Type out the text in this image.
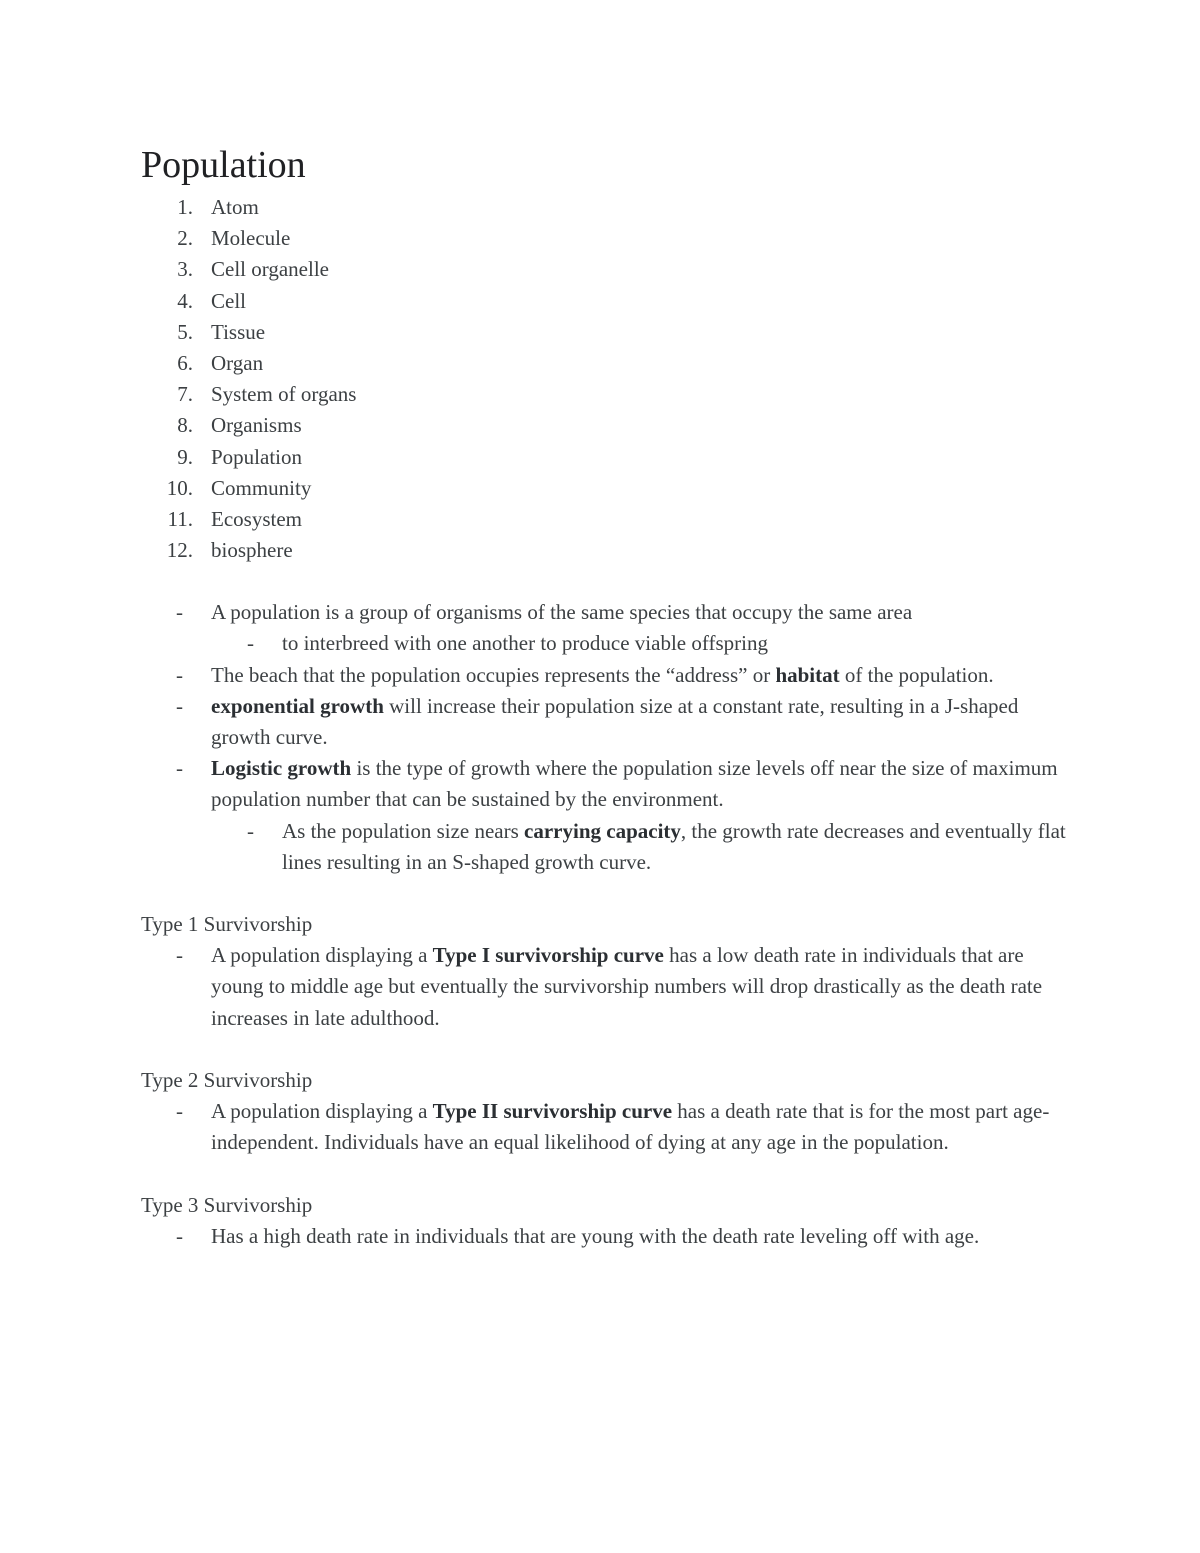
Population
1. Atom
2. Molecule
3. Cell organelle
4. Cell
5. Tissue
6. Organ
7. System of organs
8. Organisms
9. Population
10. Community
11. Ecosystem
12. biosphere
- A population is a group of organisms of the same species that occupy the same area
- to interbreed with one another to produce viable offspring
- The beach that the population occupies represents the “address” or habitat of the population.
- exponential growth will increase their population size at a constant rate, resulting in a J-shaped growth curve.
- Logistic growth is the type of growth where the population size levels off near the size of maximum population number that can be sustained by the environment.
- As the population size nears carrying capacity, the growth rate decreases and eventually flat lines resulting in an S-shaped growth curve.
Type 1 Survivorship
- A population displaying a Type I survivorship curve has a low death rate in individuals that are young to middle age but eventually the survivorship numbers will drop drastically as the death rate increases in late adulthood.
Type 2 Survivorship
- A population displaying a Type II survivorship curve has a death rate that is for the most part age-independent. Individuals have an equal likelihood of dying at any age in the population.
Type 3 Survivorship
- Has a high death rate in individuals that are young with the death rate leveling off with age.
